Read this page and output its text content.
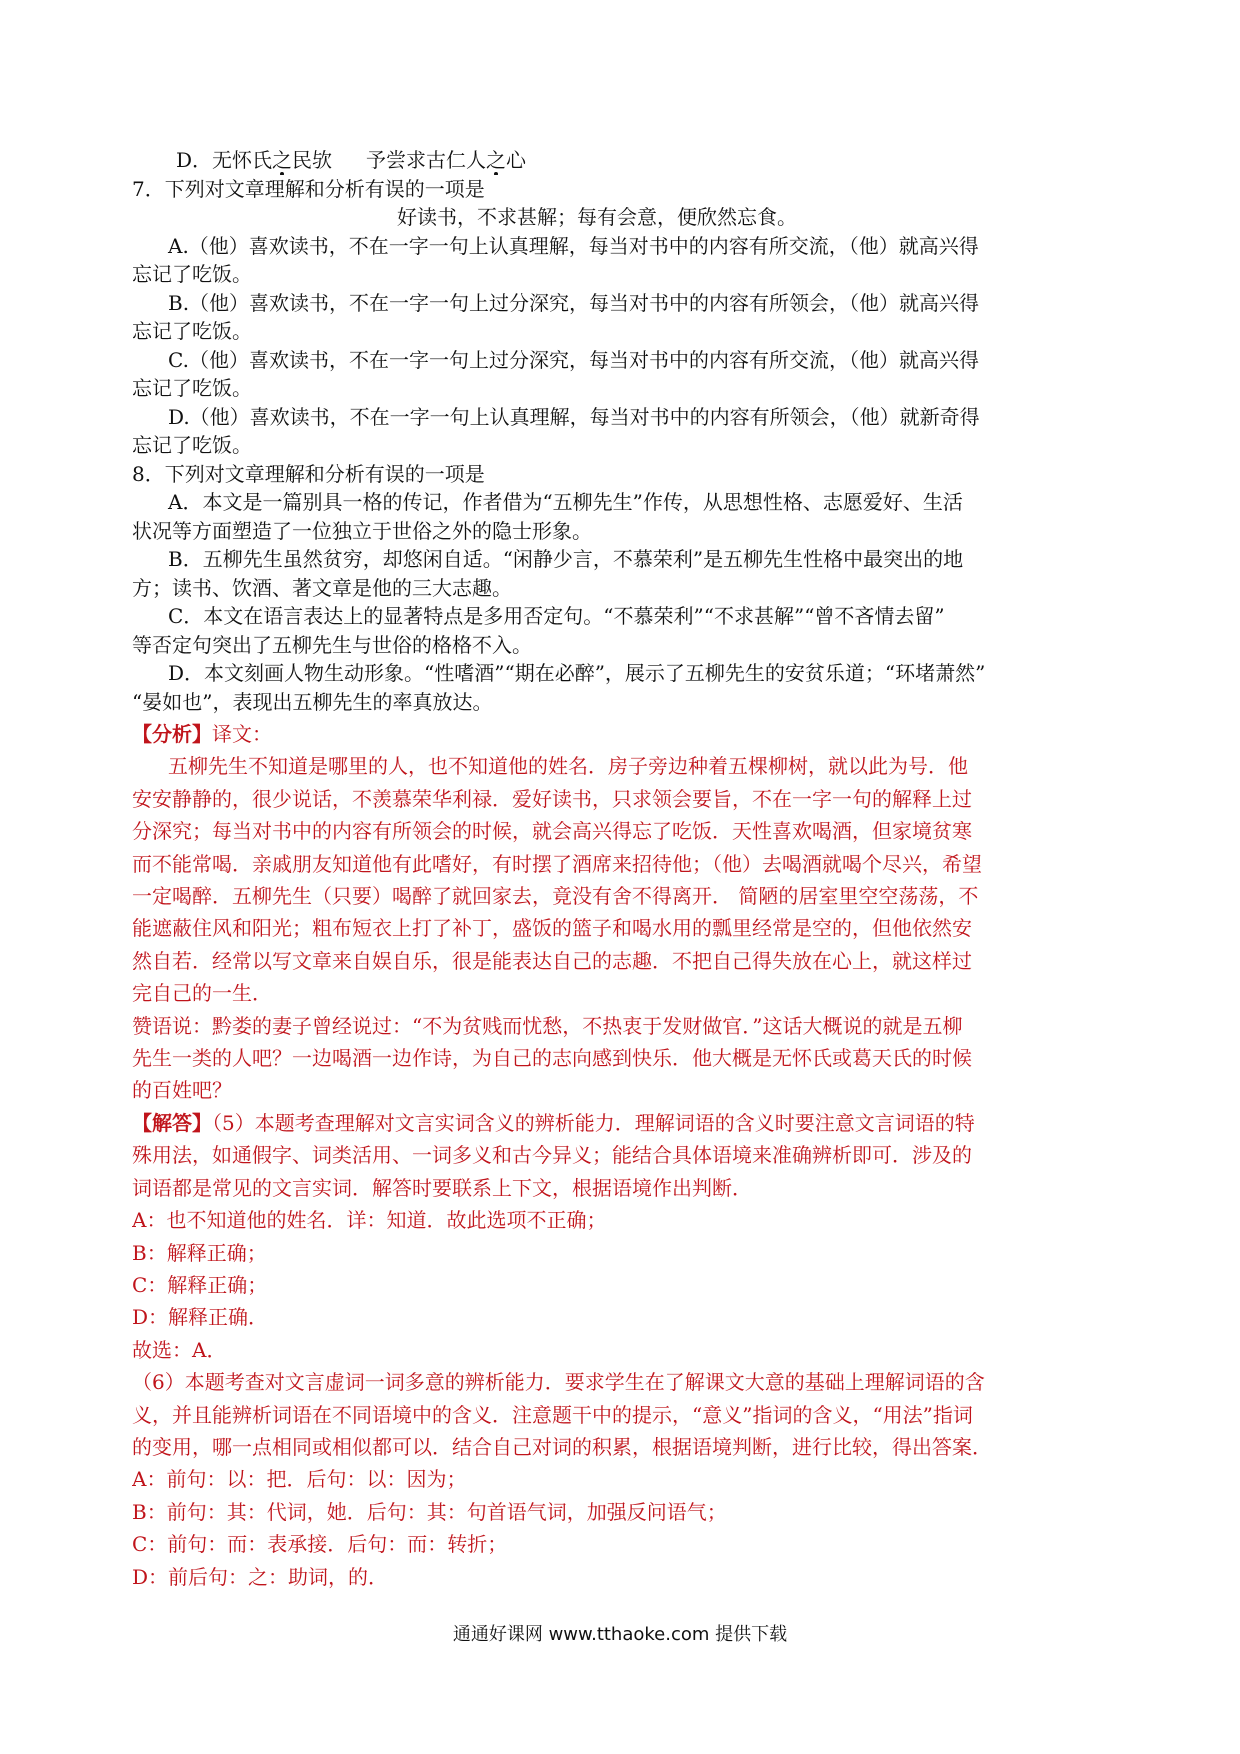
D．无怀氏之民欤 予尝求古仁人之心
7．下列对文章理解和分析有误的一项是
好读书，不求甚解；每有会意，便欣然忘食。
A.（他）喜欢读书，不在一字一句上认真理解，每当对书中的内容有所交流，（他）就高兴得
忘记了吃饭。
B.（他）喜欢读书，不在一字一句上过分深究，每当对书中的内容有所领会，（他）就高兴得
忘记了吃饭。
C.（他）喜欢读书，不在一字一句上过分深究，每当对书中的内容有所交流，（他）就高兴得
忘记了吃饭。
D.（他）喜欢读书，不在一字一句上认真理解，每当对书中的内容有所领会，（他）就新奇得
忘记了吃饭。
8．下列对文章理解和分析有误的一项是
A．本文是一篇别具一格的传记，作者借为“五柳先生”作传，从思想性格、志愿爱好、生活
状况等方面塑造了一位独立于世俗之外的隐士形象。
B．五柳先生虽然贫穷，却悠闲自适。“闲静少言，不慕荣利”是五柳先生性格中最突出的地
方；读书、饮酒、著文章是他的三大志趣。
C．本文在语言表达上的显著特点是多用否定句。“不慕荣利”“不求甚解”“曾不吝情去留”
等否定句突出了五柳先生与世俗的格格不入。
D．本文刻画人物生动形象。“性嗜酒”“期在必醉”，展示了五柳先生的安贫乐道；“环堵萧然”
“晏如也”，表现出五柳先生的率真放达。
【分析】译文：
五柳先生不知道是哪里的人，也不知道他的姓名．房子旁边种着五棵柳树，就以此为号．他
安安静静的，很少说话，不羡慕荣华利禄．爱好读书，只求领会要旨，不在一字一句的解释上过
分深究；每当对书中的内容有所领会的时候，就会高兴得忘了吃饭．天性喜欢喝酒，但家境贫寒
而不能常喝．亲戚朋友知道他有此嗜好，有时摆了酒席来招待他；（他）去喝酒就喝个尽兴，希望
一定喝醉．五柳先生（只要）喝醉了就回家去，竟没有舍不得离开． 简陋的居室里空空荡荡，不
能遮蔽住风和阳光；粗布短衣上打了补丁，盛饭的篮子和喝水用的瓢里经常是空的，但他依然安
然自若．经常以写文章来自娱自乐，很是能表达自己的志趣．不把自己得失放在心上，就这样过
完自己的一生．
赞语说：黔娄的妻子曾经说过：“不为贫贱而忧愁，不热衷于发财做官．”这话大概说的就是五柳
先生一类的人吧？一边喝酒一边作诗，为自己的志向感到快乐．他大概是无怀氏或葛天氏的时候
的百姓吧？
【解答】（5）本题考查理解对文言实词含义的辨析能力．理解词语的含义时要注意文言词语的特
殊用法，如通假字、词类活用、一词多义和古今异义；能结合具体语境来准确辨析即可．涉及的
词语都是常见的文言实词．解答时要联系上下文，根据语境作出判断．
A：也不知道他的姓名．详：知道．故此选项不正确；
B：解释正确；
C：解释正确；
D：解释正确．
故选：A．
（6）本题考查对文言虚词一词多意的辨析能力．要求学生在了解课文大意的基础上理解词语的含
义，并且能辨析词语在不同语境中的含义．注意题干中的提示，“意义”指词的含义，“用法”指词
的变用，哪一点相同或相似都可以．结合自己对词的积累，根据语境判断，进行比较，得出答案．
A：前句：以：把．后句：以：因为；
B：前句：其：代词，她．后句：其：句首语气词，加强反问语气；
C：前句：而：表承接．后句：而：转折；
D：前后句：之：助词，的．
通通好课网 www.tthaoke.com 提供下载
